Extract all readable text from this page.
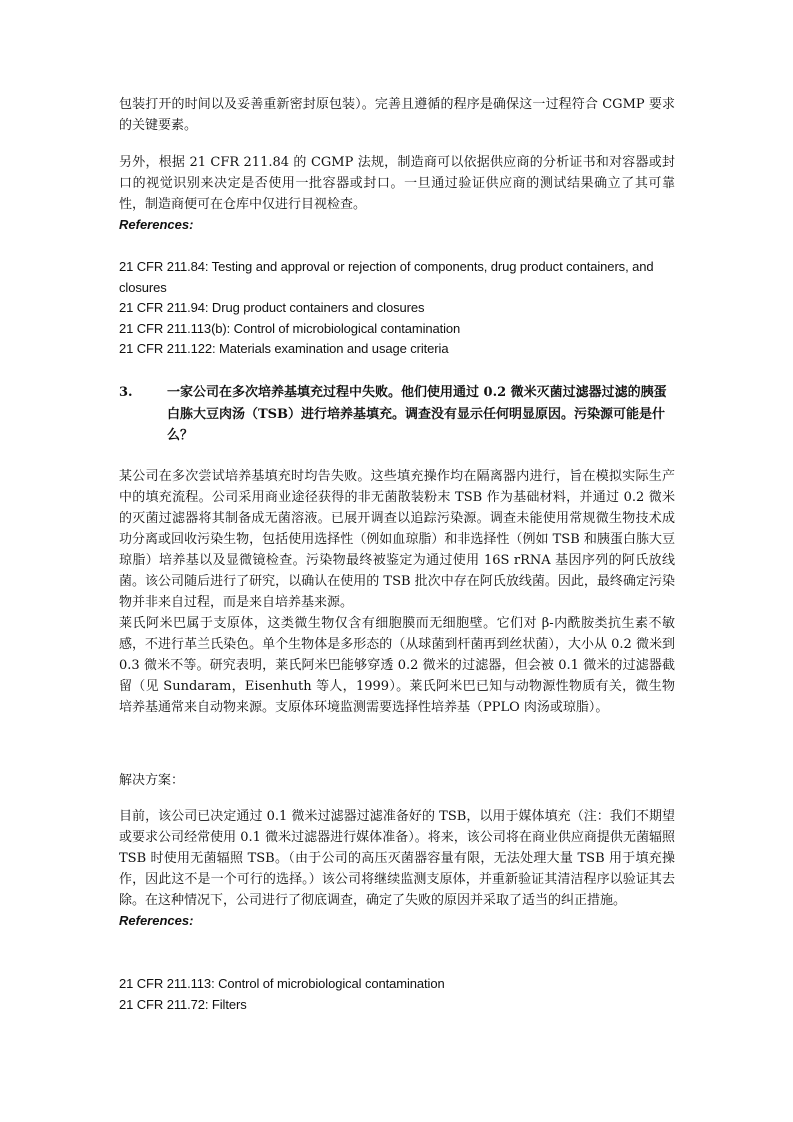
包装打开的时间以及妥善重新密封原包装）。完善且遵循的程序是确保这一过程符合 CGMP 要求的关键要素。

另外，根据 21 CFR 211.84 的 CGMP 法规，制造商可以依据供应商的分析证书和对容器或封口的视觉识别来决定是否使用一批容器或封口。一旦通过验证供应商的测试结果确立了其可靠性，制造商便可在仓库中仅进行目视检查。

References:

21 CFR 211.84: Testing and approval or rejection of components, drug product containers, and closures

21 CFR 211.94: Drug product containers and closures

21 CFR 211.113(b): Control of microbiological contamination

21 CFR 211.122: Materials examination and usage criteria

3.	一家公司在多次培养基填充过程中失败。他们使用通过 0.2 微米灭菌过滤器过滤的胰蛋白胨大豆肉汤（TSB）进行培养基填充。调查没有显示任何明显原因。污染源可能是什么？

某公司在多次尝试培养基填充时均告失败。这些填充操作均在隔离器内进行，旨在模拟实际生产中的填充流程。公司采用商业途径获得的非无菌散装粉末 TSB 作为基础材料，并通过 0.2 微米的灭菌过滤器将其制备成无菌溶液。已展开调查以追踪污染源。调查未能使用常规微生物技术成功分离或回收污染生物，包括使用选择性（例如血琼脂）和非选择性（例如 TSB 和胰蛋白胨大豆琼脂）培养基以及显微镜检查。污染物最终被鉴定为通过使用 16S rRNA 基因序列的阿氏放线菌。该公司随后进行了研究，以确认在使用的 TSB 批次中存在阿氏放线菌。因此，最终确定污染物并非来自过程，而是来自培养基来源。

莱氏阿米巴属于支原体，这类微生物仅含有细胞膜而无细胞壁。它们对 β-内酰胺类抗生素不敏感，不进行革兰氏染色。单个生物体是多形态的（从球菌到杆菌再到丝状菌），大小从 0.2 微米到 0.3 微米不等。研究表明，莱氏阿米巴能够穿透 0.2 微米的过滤器，但会被 0.1 微米的过滤器截留（见 Sundaram，Eisenhuth 等人，1999）。莱氏阿米巴已知与动物源性物质有关，微生物培养基通常来自动物来源。支原体环境监测需要选择性培养基（PPLO 肉汤或琼脂）。

解决方案：

目前，该公司已决定通过 0.1 微米过滤器过滤准备好的 TSB，以用于媒体填充（注：我们不期望或要求公司经常使用 0.1 微米过滤器进行媒体准备）。将来，该公司将在商业供应商提供无菌辐照 TSB 时使用无菌辐照 TSB。（由于公司的高压灭菌器容量有限，无法处理大量 TSB 用于填充操作，因此这不是一个可行的选择。）该公司将继续监测支原体，并重新验证其清洁程序以验证其去除。在这种情况下，公司进行了彻底调查，确定了失败的原因并采取了适当的纠正措施。

References:

21 CFR 211.113: Control of microbiological contamination

21 CFR 211.72: Filters
